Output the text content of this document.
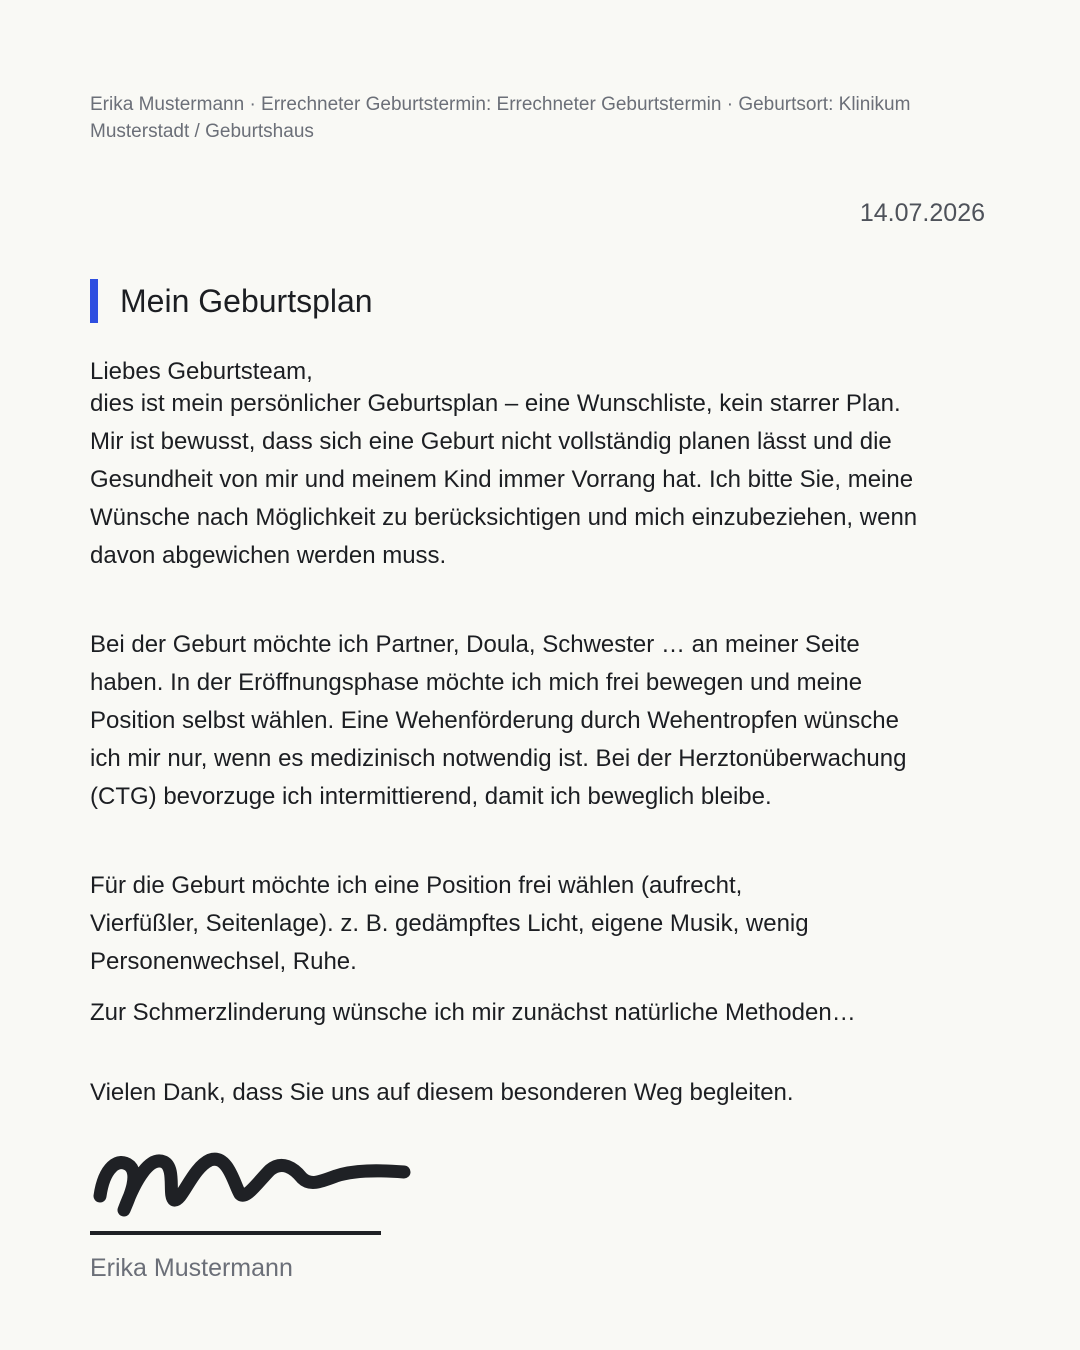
Erika Mustermann · Errechneter Geburtstermin: Errechneter Geburtstermin · Geburtsort: Klinikum Musterstadt / Geburtshaus
14.07.2026
Mein Geburtsplan
Liebes Geburtsteam,

dies ist mein persönlicher Geburtsplan – eine Wunschliste, kein starrer Plan. Mir ist bewusst, dass sich eine Geburt nicht vollständig planen lässt und die Gesundheit von mir und meinem Kind immer Vorrang hat. Ich bitte Sie, meine Wünsche nach Möglichkeit zu berücksichtigen und mich einzubeziehen, wenn davon abgewichen werden muss.

Bei der Geburt möchte ich Partner, Doula, Schwester … an meiner Seite haben. In der Eröffnungsphase möchte ich mich frei bewegen und meine Position selbst wählen. Eine Wehenförderung durch Wehentropfen wünsche ich mir nur, wenn es medizinisch notwendig ist. Bei der Herztonüberwachung (CTG) bevorzuge ich intermittierend, damit ich beweglich bleibe.

Für die Geburt möchte ich eine Position frei wählen (aufrecht, Vierfüßler, Seitenlage). z. B. gedämpftes Licht, eigene Musik, wenig Personenwechsel, Ruhe.

Zur Schmerzlinderung wünsche ich mir zunächst natürliche Methoden…

Vielen Dank, dass Sie uns auf diesem besonderen Weg begleiten.

Erika Mustermann
